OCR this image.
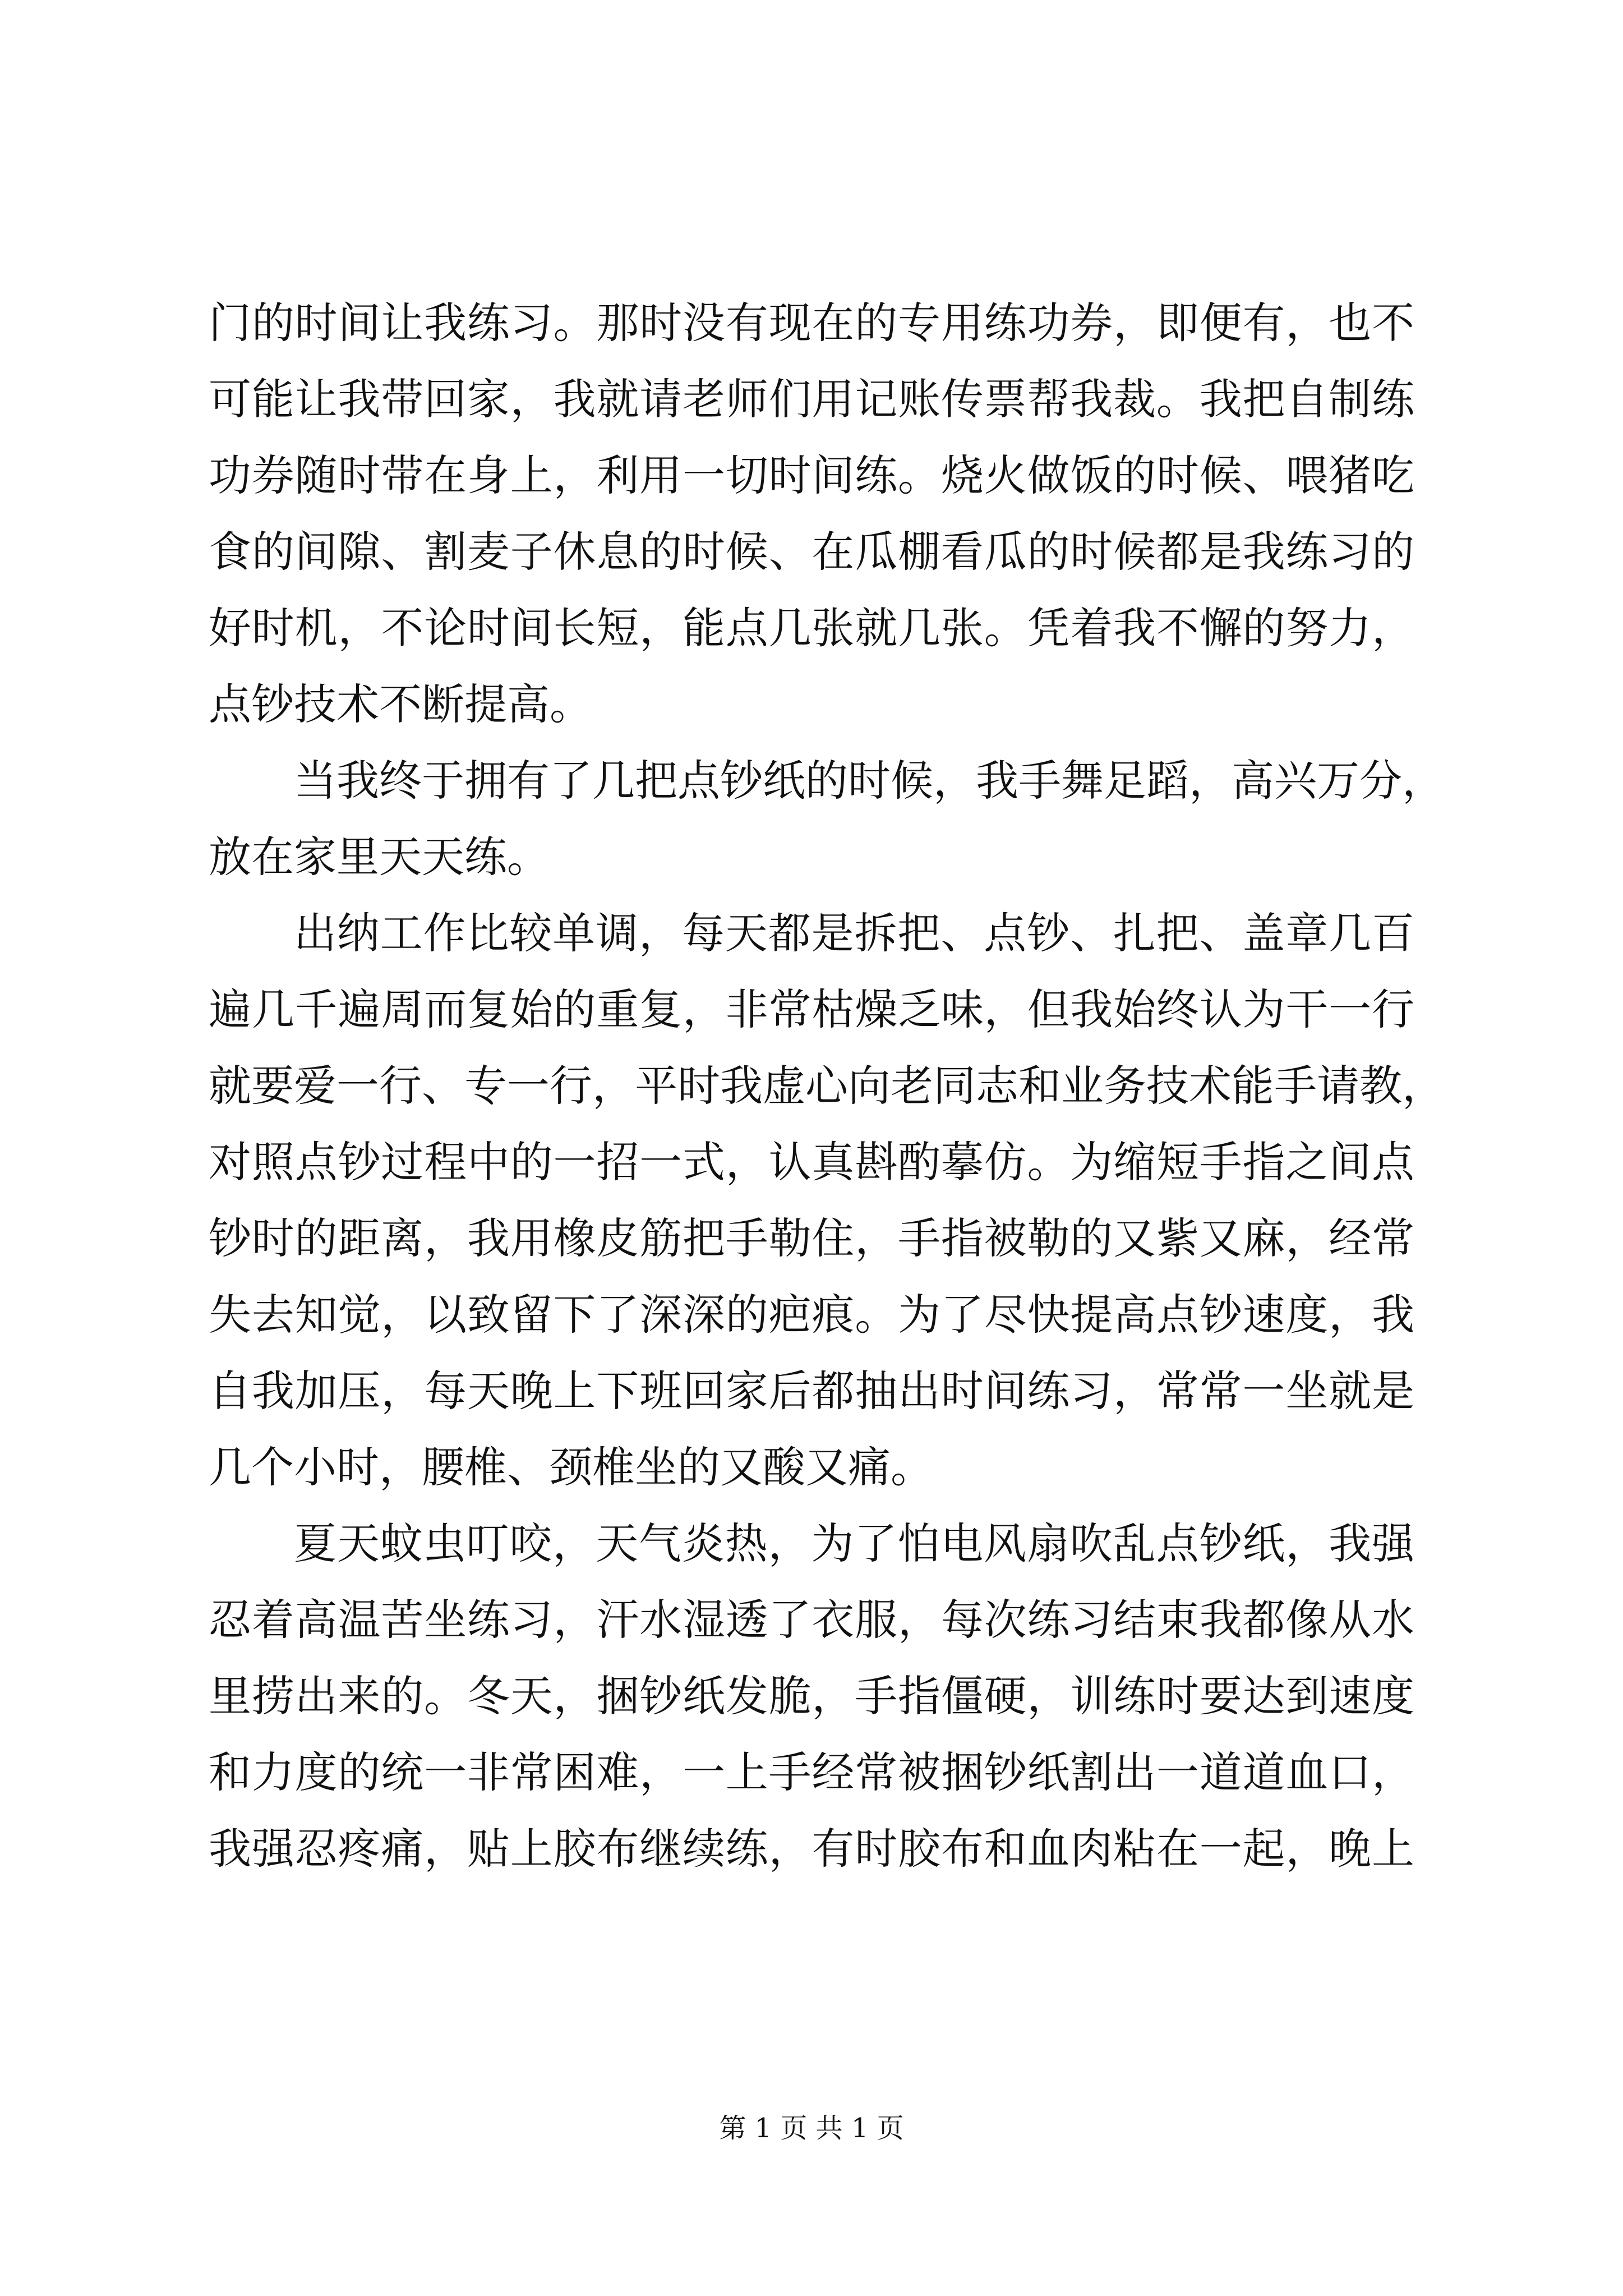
门的时间让我练习。那时没有现在的专用练功券，即便有，也不
可能让我带回家，我就请老师们用记账传票帮我裁。我把自制练
功券随时带在身上，利用一切时间练。烧火做饭的时候、喂猪吃
食的间隙、割麦子休息的时候、在瓜棚看瓜的时候都是我练习的
好时机，不论时间长短，能点几张就几张。凭着我不懈的努力，
点钞技术不断提高。
当我终于拥有了几把点钞纸的时候，我手舞足蹈，高兴万分，
放在家里天天练。
出纳工作比较单调，每天都是拆把、点钞、扎把、盖章几百
遍几千遍周而复始的重复，非常枯燥乏味，但我始终认为干一行
就要爱一行、专一行，平时我虚心向老同志和业务技术能手请教，
对照点钞过程中的一招一式，认真斟酌摹仿。为缩短手指之间点
钞时的距离，我用橡皮筋把手勒住，手指被勒的又紫又麻，经常
失去知觉，以致留下了深深的疤痕。为了尽快提高点钞速度，我
自我加压，每天晚上下班回家后都抽出时间练习，常常一坐就是
几个小时，腰椎、颈椎坐的又酸又痛。
夏天蚊虫叮咬，天气炎热，为了怕电风扇吹乱点钞纸，我强
忍着高温苦坐练习，汗水湿透了衣服，每次练习结束我都像从水
里捞出来的。冬天，捆钞纸发脆，手指僵硬，训练时要达到速度
和力度的统一非常困难，一上手经常被捆钞纸割出一道道血口，
我强忍疼痛，贴上胶布继续练，有时胶布和血肉粘在一起，晚上
第 1 页 共 1 页
